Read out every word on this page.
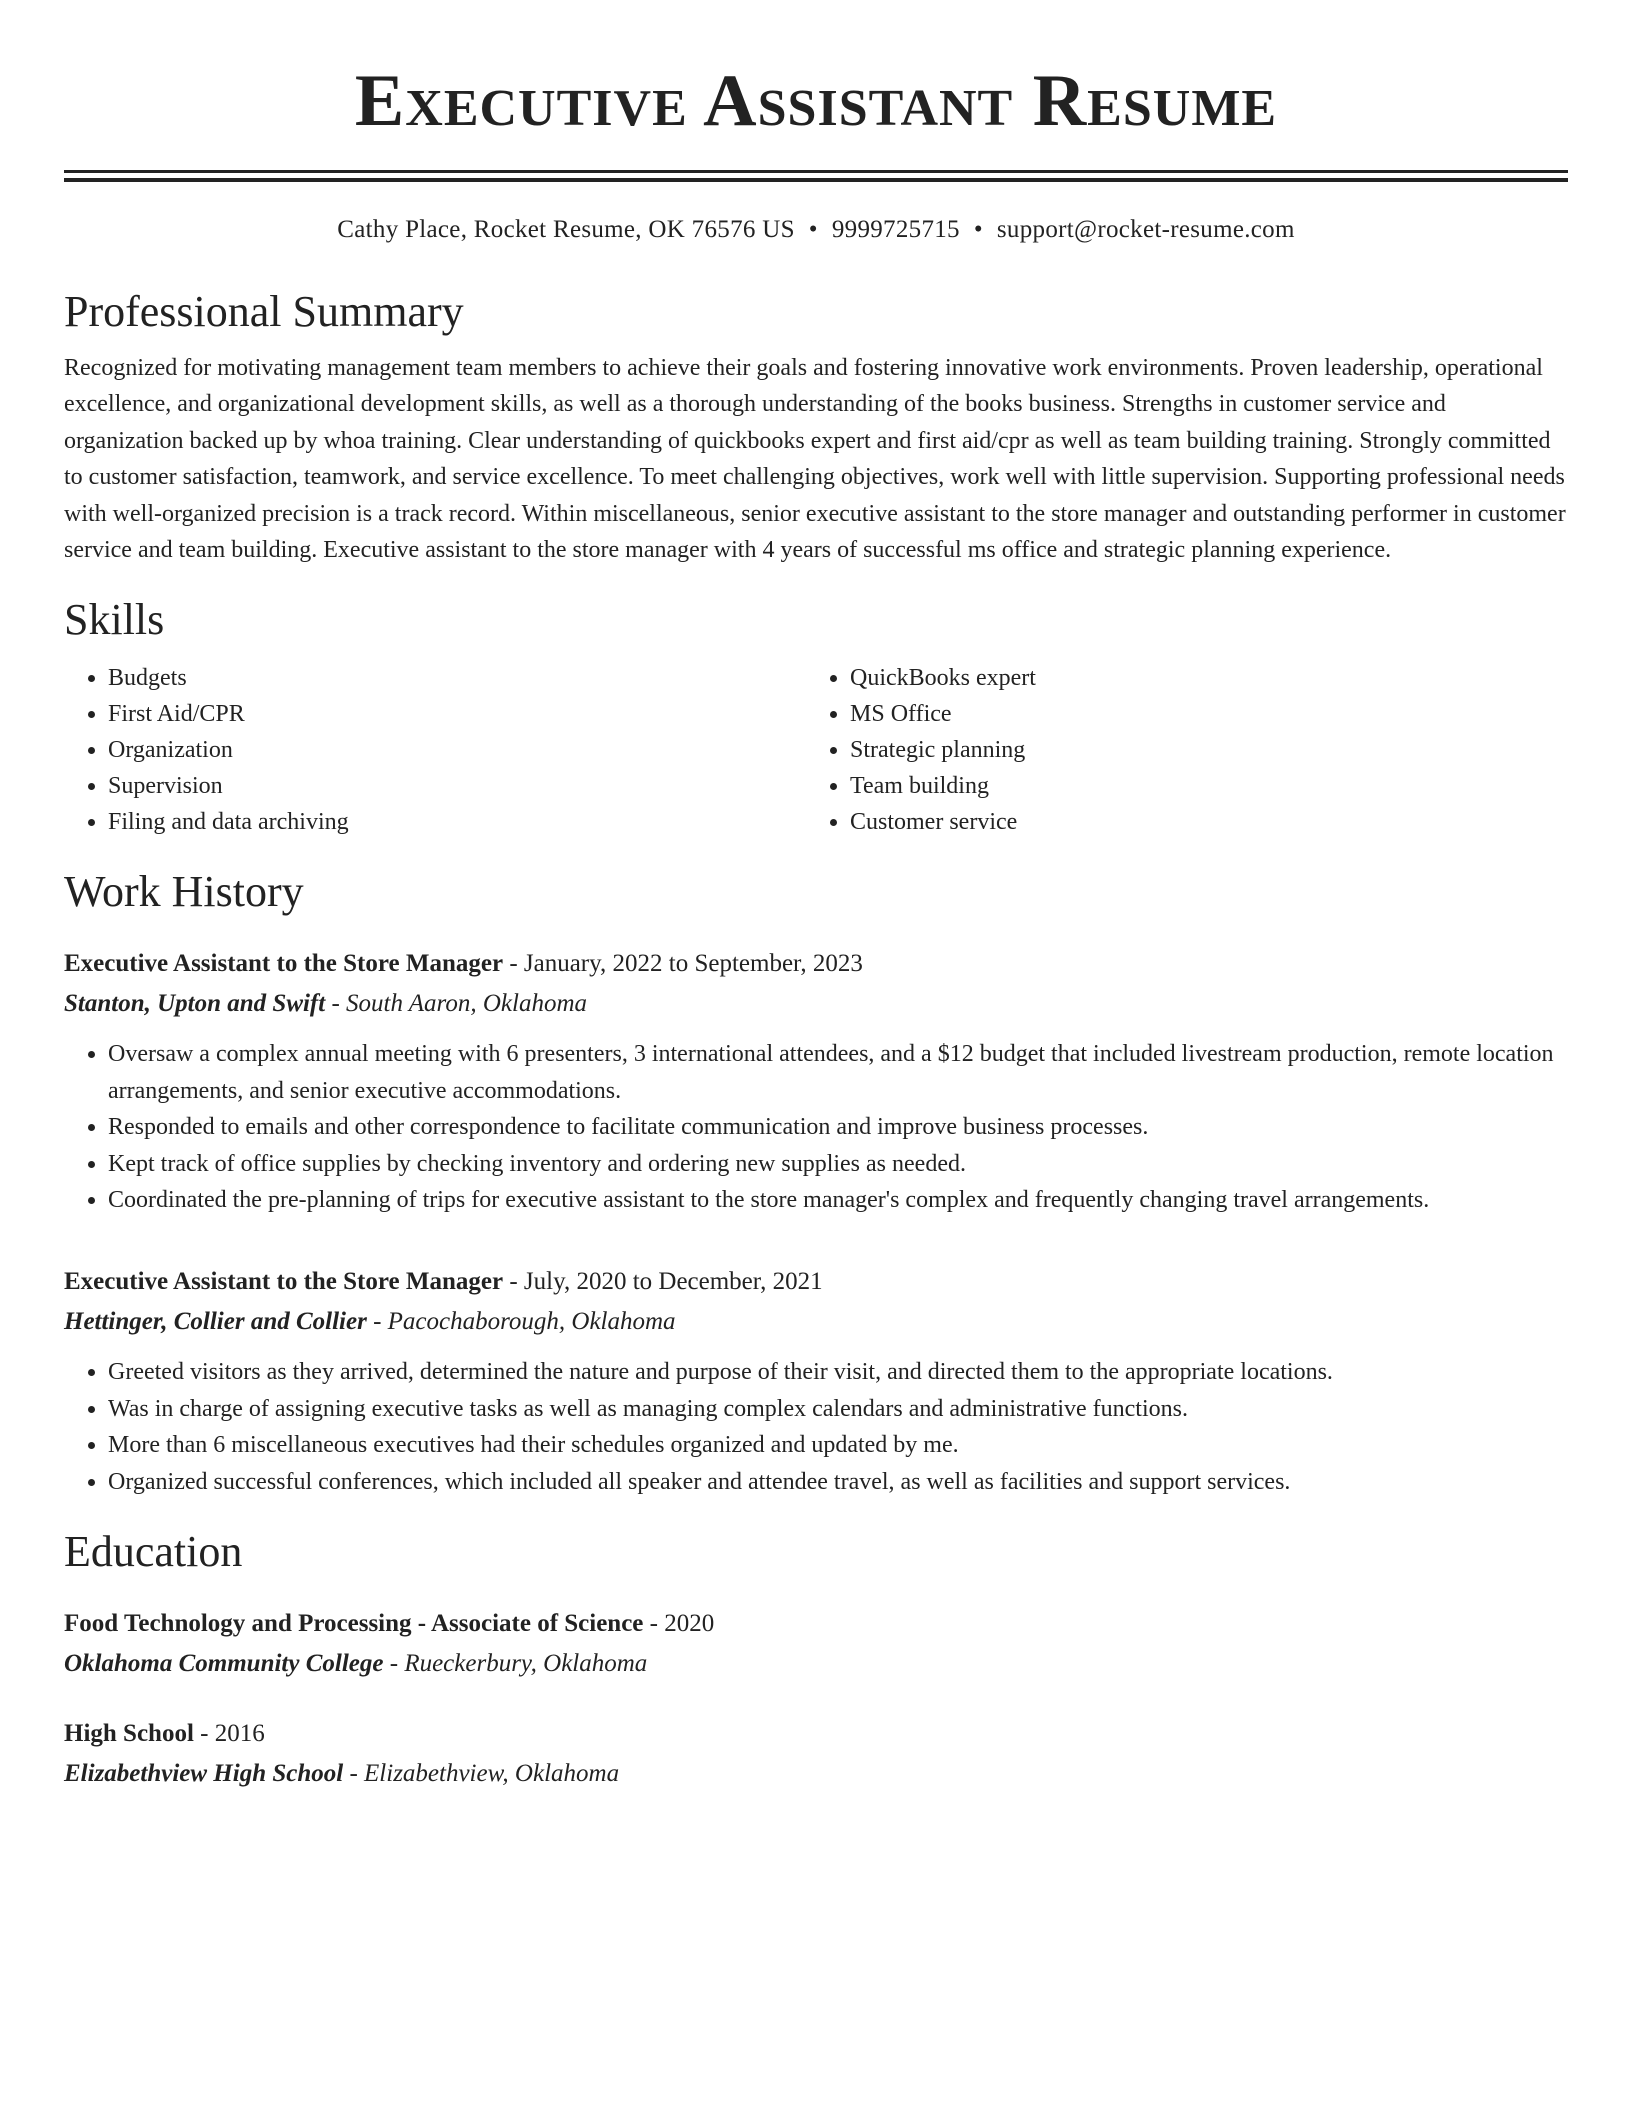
Executive Assistant Resume
Cathy Place, Rocket Resume, OK 76576 US • 9999725715 • support@rocket-resume.com
Professional Summary
Recognized for motivating management team members to achieve their goals and fostering innovative work environments. Proven leadership, operational excellence, and organizational development skills, as well as a thorough understanding of the books business. Strengths in customer service and organization backed up by whoa training. Clear understanding of quickbooks expert and first aid/cpr as well as team building training. Strongly committed to customer satisfaction, teamwork, and service excellence. To meet challenging objectives, work well with little supervision. Supporting professional needs with well-organized precision is a track record. Within miscellaneous, senior executive assistant to the store manager and outstanding performer in customer service and team building. Executive assistant to the store manager with 4 years of successful ms office and strategic planning experience.
Skills
• Budgets
• First Aid/CPR
• Organization
• Supervision
• Filing and data archiving
• QuickBooks expert
• MS Office
• Strategic planning
• Team building
• Customer service
Work History
Executive Assistant to the Store Manager - January, 2022 to September, 2023
Stanton, Upton and Swift - South Aaron, Oklahoma
• Oversaw a complex annual meeting with 6 presenters, 3 international attendees, and a $12 budget that included livestream production, remote location arrangements, and senior executive accommodations.
• Responded to emails and other correspondence to facilitate communication and improve business processes.
• Kept track of office supplies by checking inventory and ordering new supplies as needed.
• Coordinated the pre-planning of trips for executive assistant to the store manager's complex and frequently changing travel arrangements.
Executive Assistant to the Store Manager - July, 2020 to December, 2021
Hettinger, Collier and Collier - Pacochaborough, Oklahoma
• Greeted visitors as they arrived, determined the nature and purpose of their visit, and directed them to the appropriate locations.
• Was in charge of assigning executive tasks as well as managing complex calendars and administrative functions.
• More than 6 miscellaneous executives had their schedules organized and updated by me.
• Organized successful conferences, which included all speaker and attendee travel, as well as facilities and support services.
Education
Food Technology and Processing - Associate of Science - 2020
Oklahoma Community College - Rueckerbury, Oklahoma
High School - 2016
Elizabethview High School - Elizabethview, Oklahoma
